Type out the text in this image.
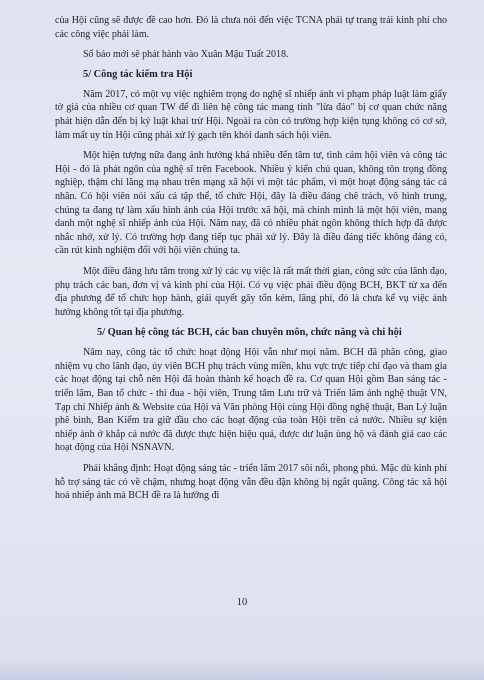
của Hội cũng sẽ được đề cao hơn. Đó là chưa nói đến việc TCNA phải tự trang trải kinh phí cho các công việc phải làm.

Số báo mới sẽ phát hành vào Xuân Mậu Tuất 2018.

5/ Công tác kiểm tra Hội

Năm 2017, có một vụ việc nghiêm trọng do nghệ sĩ nhiếp ảnh vi phạm pháp luật làm giấy tờ giả của nhiều cơ quan TW để đi liên hệ công tác mang tính "lừa đảo" bị cơ quan chức năng phát hiện dẫn đến bị kỷ luật khai trừ Hội. Ngoài ra còn có trường hợp kiện tụng không có cơ sở, làm mất uy tín Hội cũng phải xử lý gạch tên khỏi danh sách hội viên.

Một hiện tượng nữa đang ảnh hưởng khá nhiều đến tâm tư, tình cảm hội viên và công tác Hội - đó là phát ngôn của nghệ sĩ trên Facebook. Nhiều ý kiến chủ quan, không tôn trọng đồng nghiệp, thậm chí lăng mạ nhau trên mạng xã hội vì một tác phẩm, vì một hoạt động sáng tác cá nhân. Có hội viên nói xấu cả tập thể, tổ chức Hội, đây là điều đáng chê trách, vô hình trung, chúng ta đang tự làm xấu hình ảnh của Hội trước xã hội, mà chính mình là một hội viên, mang danh một nghệ sĩ nhiếp ảnh của Hội. Năm nay, đã có nhiều phát ngôn không thích hợp đã được nhắc nhở, xử lý. Có trường hợp đang tiếp tục phải xử lý. Đây là điều đáng tiếc không đáng có, cần rút kinh nghiệm đối với hội viên chúng ta.

Một điều đáng lưu tâm trong xử lý các vụ việc là rất mất thời gian, công sức của lãnh đạo, phụ trách các ban, đơn vị và kinh phí của Hội. Có vụ việc phải điều động BCH, BKT từ xa đến địa phương để tổ chức họp hành, giải quyết gây tốn kém, lãng phí, đó là chưa kể vụ việc ảnh hưởng không tốt tại địa phương.

5/ Quan hệ công tác BCH, các ban chuyên môn, chức năng và chi hội

Năm nay, công tác tổ chức hoạt động Hội vẫn như mọi năm. BCH đã phân công, giao nhiệm vụ cho lãnh đạo, ủy viên BCH phụ trách vùng miền, khu vực trực tiếp chỉ đạo và tham gia các hoạt động tại chỗ nên Hội đã hoàn thành kế hoạch đề ra. Cơ quan Hội gồm Ban sáng tác - triển lãm, Ban tổ chức - thi đua - hội viên, Trung tâm Lưu trữ và Triển lãm ảnh nghệ thuật VN, Tạp chí Nhiếp ảnh & Website của Hội và Văn phòng Hội cùng Hội đồng nghệ thuật, Ban Lý luận phê bình, Ban Kiểm tra giữ đầu cho các hoạt động của toàn Hội trên cả nước. Nhiều sự kiện nhiếp ảnh ở khắp cả nước đã được thực hiện hiệu quả, được dư luận ủng hộ và đánh giá cao các hoạt động của Hội NSNAVN.

Phải khẳng định: Hoạt động sáng tác - triển lãm 2017 sôi nổi, phong phú. Mặc dù kinh phí hỗ trợ sáng tác có về chậm, nhưng hoạt động vẫn đều đặn không bị ngắt quãng. Công tác xã hội hoá nhiếp ảnh mà BCH đề ra là hướng đi

10
